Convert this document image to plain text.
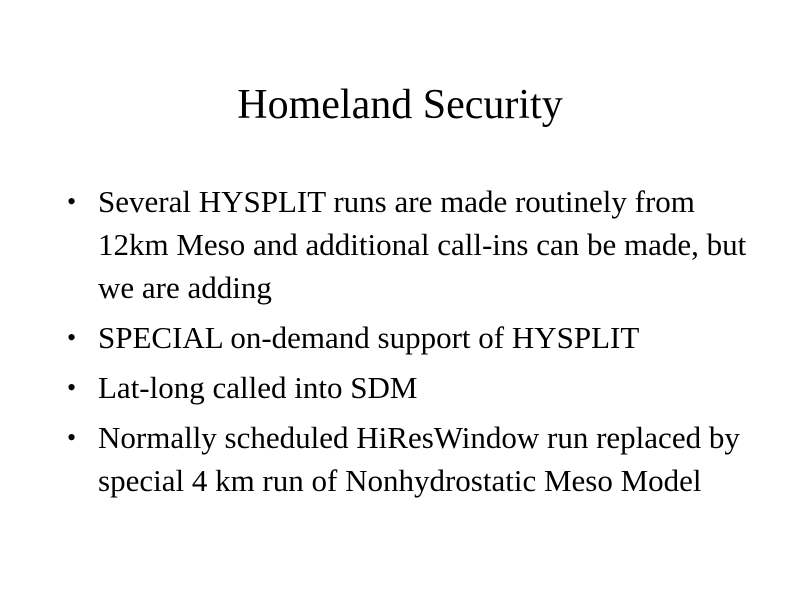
Homeland Security
• Several HYSPLIT runs are made routinely from 12km Meso and additional call-ins can be made, but we are adding
• SPECIAL on-demand support of HYSPLIT
• Lat-long called into SDM
• Normally scheduled HiResWindow run replaced by special 4 km run of Nonhydrostatic Meso Model
